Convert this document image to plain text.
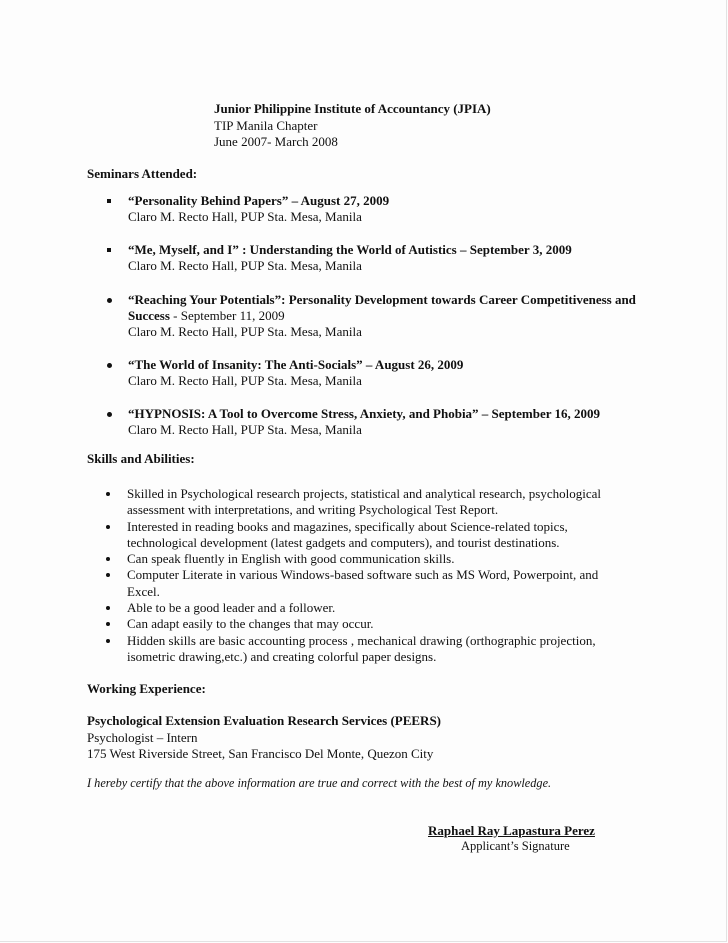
Junior Philippine Institute of Accountancy (JPIA)
TIP Manila Chapter
June 2007- March 2008
Seminars Attended:
“Personality Behind Papers” – August 27, 2009
Claro M. Recto Hall, PUP Sta. Mesa, Manila
“Me, Myself, and I” : Understanding the World of Autistics – September 3, 2009
Claro M. Recto Hall, PUP Sta. Mesa, Manila
“Reaching Your Potentials”: Personality Development towards Career Competitiveness and Success - September 11, 2009
Claro M. Recto Hall, PUP Sta. Mesa, Manila
“The World of Insanity: The Anti-Socials” – August 26, 2009
Claro M. Recto Hall, PUP Sta. Mesa, Manila
“HYPNOSIS: A Tool to Overcome Stress, Anxiety, and Phobia” – September 16, 2009
Claro M. Recto Hall, PUP Sta. Mesa, Manila
Skills and Abilities:
Skilled in Psychological research projects, statistical and analytical research, psychological assessment with interpretations, and writing Psychological Test Report.
Interested in reading books and magazines, specifically about Science-related topics, technological development (latest gadgets and computers), and tourist destinations.
Can speak fluently in English with good communication skills.
Computer Literate in various Windows-based software such as MS Word, Powerpoint, and Excel.
Able to be a good leader and a follower.
Can adapt easily to the changes that may occur.
Hidden skills are basic accounting process , mechanical drawing (orthographic projection, isometric drawing,etc.) and creating colorful paper designs.
Working Experience:
Psychological Extension Evaluation Research Services (PEERS)
Psychologist – Intern
175 West Riverside Street, San Francisco Del Monte, Quezon City
I hereby certify that the above information are true and correct with the best of my knowledge.
Raphael Ray Lapastura Perez
Applicant’s Signature
